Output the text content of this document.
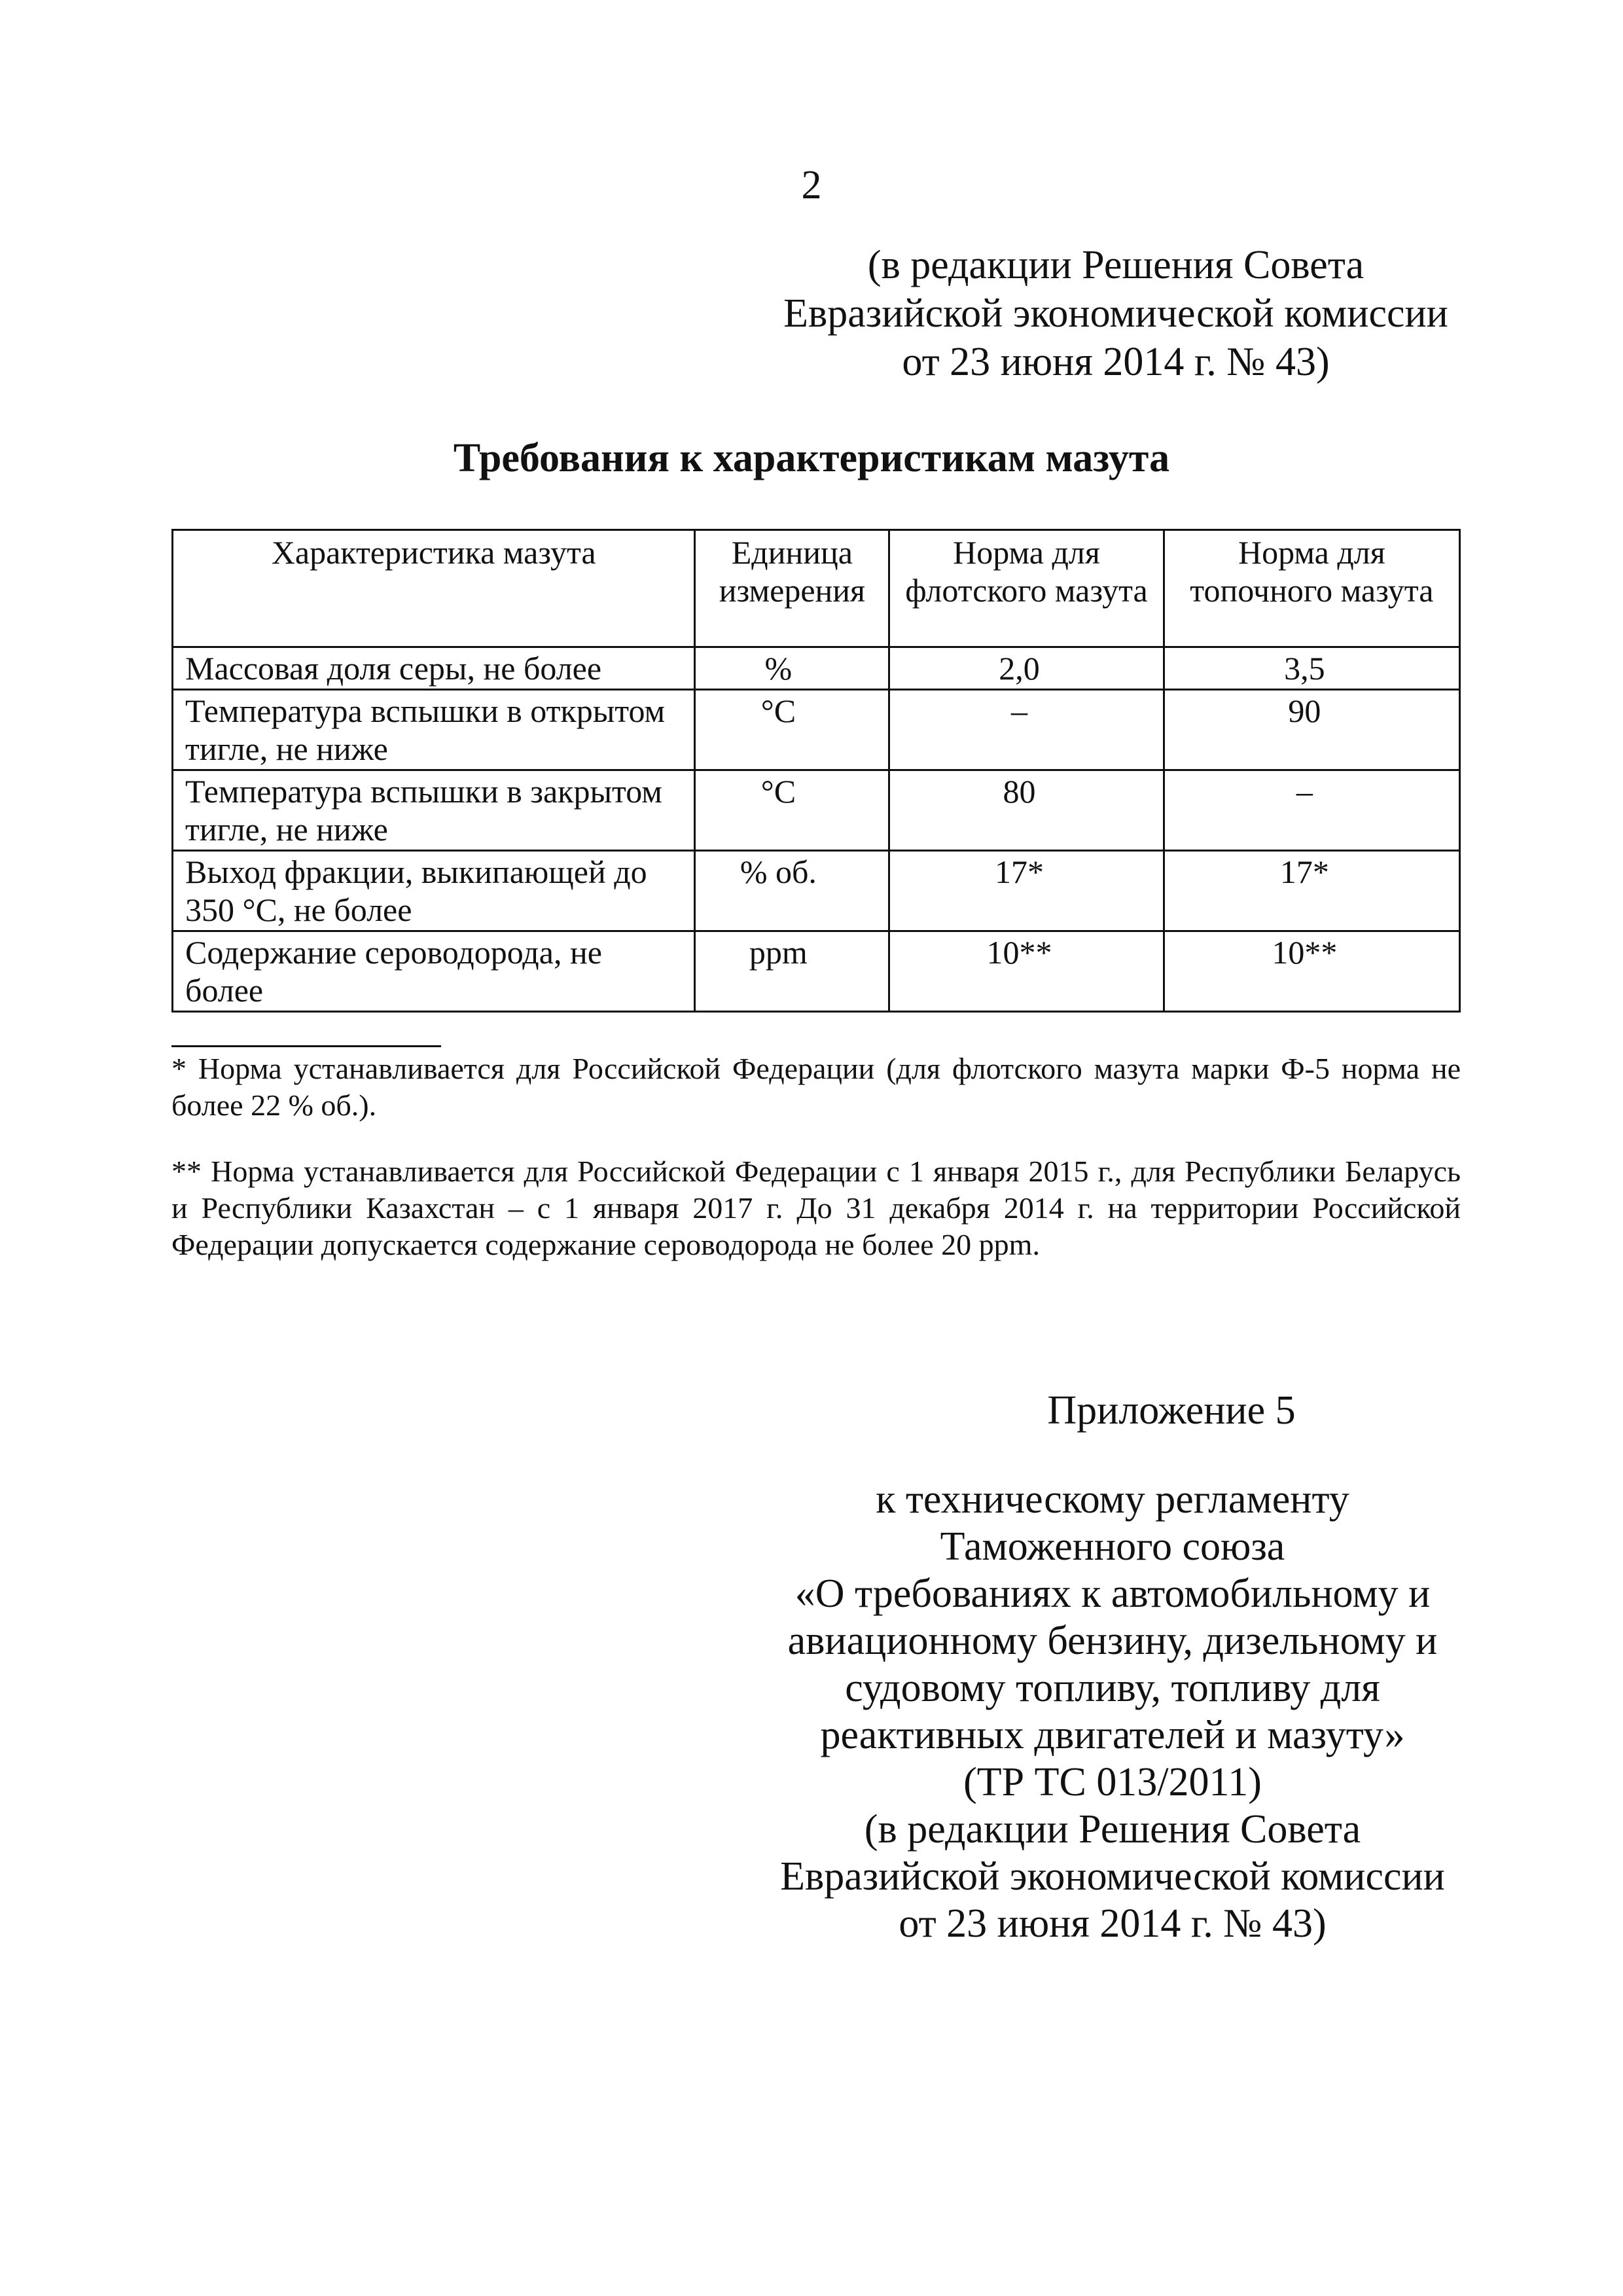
2
(в редакции Решения Совета
Евразийской экономической комиссии
от 23 июня 2014 г. № 43)
Требования к характеристикам мазута
Характеристика мазута	Единица измерения	Норма для флотского мазута	Норма для топочного мазута
Массовая доля серы, не более	%	2,0	3,5
Температура вспышки в открытом тигле, не ниже	°С	–	90
Температура вспышки в закрытом тигле, не ниже	°С	80	–
Выход фракции, выкипающей до 350 °С, не более	% об.	17*	17*
Содержание сероводорода, не более	ppm	10**	10**
* Норма устанавливается для Российской Федерации (для флотского мазута марки Ф-5 норма не более 22 % об.).
** Норма устанавливается для Российской Федерации с 1 января 2015 г., для Республики Беларусь и Республики Казахстан – с 1 января 2017 г. До 31 декабря 2014 г. на территории Российской Федерации допускается содержание сероводорода не более 20 ppm.
Приложение 5
к техническому регламенту
Таможенного союза
«О требованиях к автомобильному и
авиационному бензину, дизельному и
судовому топливу, топливу для
реактивных двигателей и мазуту»
(ТР ТС 013/2011)
(в редакции Решения Совета
Евразийской экономической комиссии
от 23 июня 2014 г. № 43)
